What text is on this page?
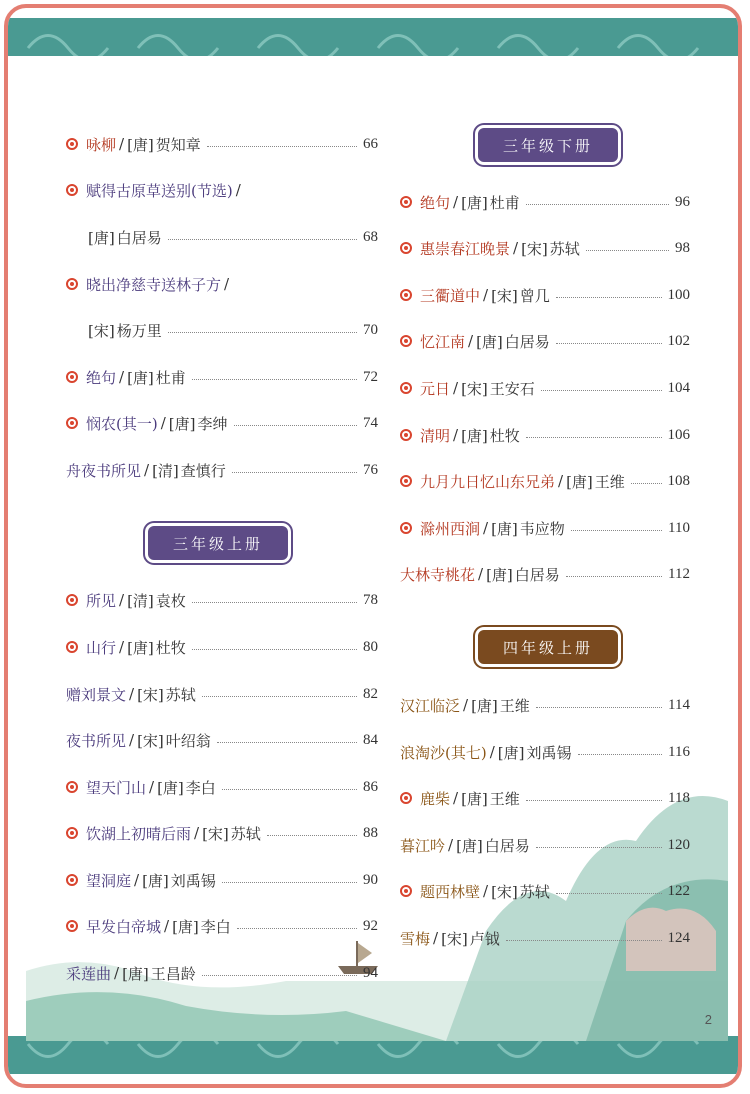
咏柳 / [唐] 贺知章	66
赋得古原草送别(节选) /
[唐] 白居易	68
晓出净慈寺送林子方 /
[宋] 杨万里	70
绝句 / [唐] 杜甫	72
悯农(其一) / [唐] 李绅	74
舟夜书所见 / [清] 查慎行	76
所见 / [清] 袁枚	78
山行 / [唐] 杜牧	80
赠刘景文 / [宋] 苏轼	82
夜书所见 / [宋] 叶绍翁	84
望天门山 / [唐] 李白	86
饮湖上初晴后雨 / [宋] 苏轼	88
望洞庭 / [唐] 刘禹锡	90
早发白帝城 / [唐] 李白	92
采莲曲 / [唐] 王昌龄	94
绝句 / [唐] 杜甫	96
惠崇春江晚景 / [宋] 苏轼	98
三衢道中 / [宋] 曾几	100
忆江南 / [唐] 白居易	102
元日 / [宋] 王安石	104
清明 / [唐] 杜牧	106
九月九日忆山东兄弟 / [唐] 王维	108
滁州西涧 / [唐] 韦应物	110
大林寺桃花 / [唐] 白居易	112
汉江临泛 / [唐] 王维	114
浪淘沙(其七) / [唐] 刘禹锡	116
鹿柴 / [唐] 王维	118
暮江吟 / [唐] 白居易	120
题西林壁 / [宋] 苏轼	122
雪梅 / [宋] 卢钺	124
三年级上册
三年级下册
四年级上册
2
